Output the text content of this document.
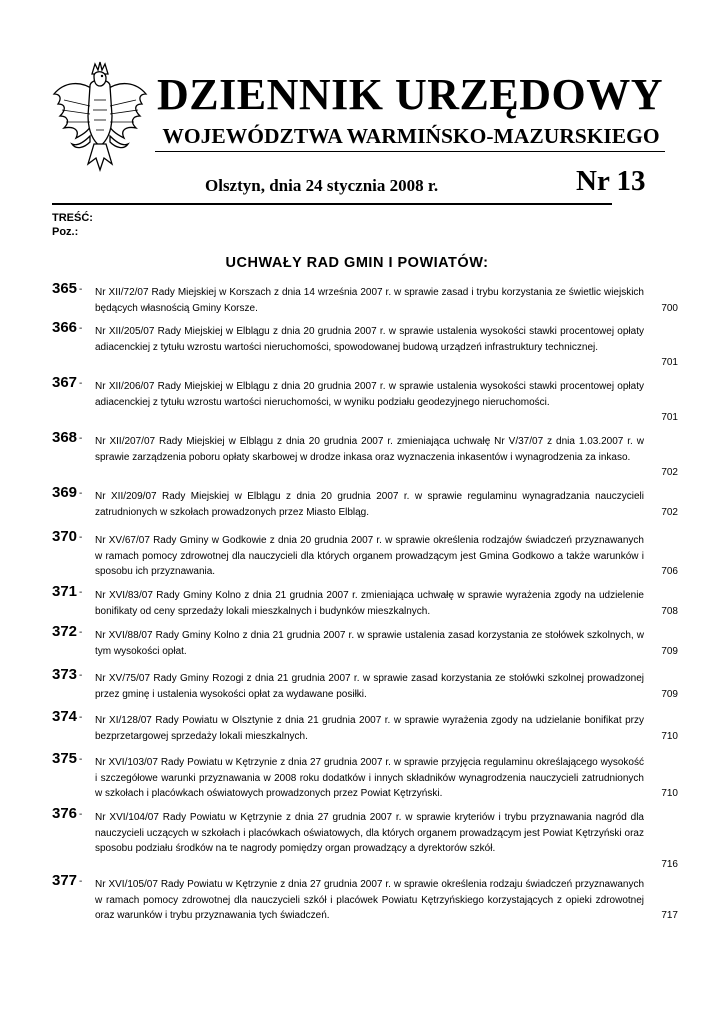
DZIENNIK URZĘDOWY
WOJEWÓDZTWA WARMIŃSKO-MAZURSKIEGO
Olsztyn, dnia 24 stycznia 2008 r.	Nr 13
TREŚĆ:
Poz.:
UCHWAŁY RAD GMIN I POWIATÓW:
365 - Nr XII/72/07 Rady Miejskiej w Korszach z dnia 14 września 2007 r. w sprawie zasad i trybu korzystania ze świetlic wiejskich będących własnością Gminy Korsze.	700
366 - Nr XII/205/07 Rady Miejskiej w Elblągu z dnia 20 grudnia 2007 r. w sprawie ustalenia wysokości stawki procentowej opłaty adiacenckiej z tytułu wzrostu wartości nieruchomości, spowodowanej budową urządzeń infrastruktury technicznej.
701
367 - Nr XII/206/07 Rady Miejskiej w Elblągu z dnia 20 grudnia 2007 r. w sprawie ustalenia wysokości stawki procentowej opłaty adiacenckiej z tytułu wzrostu wartości nieruchomości, w wyniku podziału geodezyjnego nieruchomości.
701
368 - Nr XII/207/07 Rady Miejskiej w Elblągu z dnia 20 grudnia 2007 r. zmieniająca uchwałę Nr V/37/07 z dnia 1.03.2007 r. w sprawie zarządzenia poboru opłaty skarbowej w drodze inkasa oraz wyznaczenia inkasentów i wynagrodzenia za inkaso.
702
369 - Nr XII/209/07 Rady Miejskiej w Elblągu z dnia 20 grudnia 2007 r. w sprawie regulaminu wynagradzania nauczycieli zatrudnionych w szkołach prowadzonych przez Miasto Elbląg.	702
370 - Nr XV/67/07 Rady Gminy w Godkowie z dnia 20 grudnia 2007 r. w sprawie określenia rodzajów świadczeń przyznawanych w ramach pomocy zdrowotnej dla nauczycieli dla których organem prowadzącym jest Gmina Godkowo a także warunków i sposobu ich przyznawania.	706
371 - Nr XVI/83/07 Rady Gminy Kolno z dnia 21 grudnia 2007 r. zmieniająca uchwałę w sprawie wyrażenia zgody na udzielenie bonifikaty od ceny sprzedaży lokali mieszkalnych i budynków mieszkalnych.	708
372 - Nr XVI/88/07 Rady Gminy Kolno z dnia 21 grudnia 2007 r. w sprawie ustalenia zasad korzystania ze stołówek szkolnych, w tym wysokości opłat.	709
373 - Nr XV/75/07 Rady Gminy Rozogi z dnia 21 grudnia 2007 r. w sprawie zasad korzystania ze stołówki szkolnej prowadzonej przez gminę i ustalenia wysokości opłat za wydawane posiłki.	709
374 - Nr XI/128/07 Rady Powiatu w Olsztynie z dnia 21 grudnia 2007 r. w sprawie wyrażenia zgody na udzielanie bonifikat przy bezprzetargowej sprzedaży lokali mieszkalnych.	710
375 - Nr XVI/103/07 Rady Powiatu w Kętrzynie z dnia 27 grudnia 2007 r. w sprawie przyjęcia regulaminu określającego wysokość i szczegółowe warunki przyznawania w 2008 roku dodatków i innych składników wynagrodzenia nauczycieli zatrudnionych w szkołach i placówkach oświatowych prowadzonych przez Powiat Kętrzyński.	710
376 - Nr XVI/104/07 Rady Powiatu w Kętrzynie z dnia 27 grudnia 2007 r. w sprawie kryteriów i trybu przyznawania nagród dla nauczycieli uczących w szkołach i placówkach oświatowych, dla których organem prowadzącym jest Powiat Kętrzyński oraz sposobu podziału środków na te nagrody pomiędzy organ prowadzący a dyrektorów szkół.
716
377 - Nr XVI/105/07 Rady Powiatu w Kętrzynie z dnia 27 grudnia 2007 r. w sprawie określenia rodzaju świadczeń przyznawanych w ramach pomocy zdrowotnej dla nauczycieli szkół i placówek Powiatu Kętrzyńskiego korzystających z opieki zdrowotnej oraz warunków i trybu przyznawania tych świadczeń.	717
